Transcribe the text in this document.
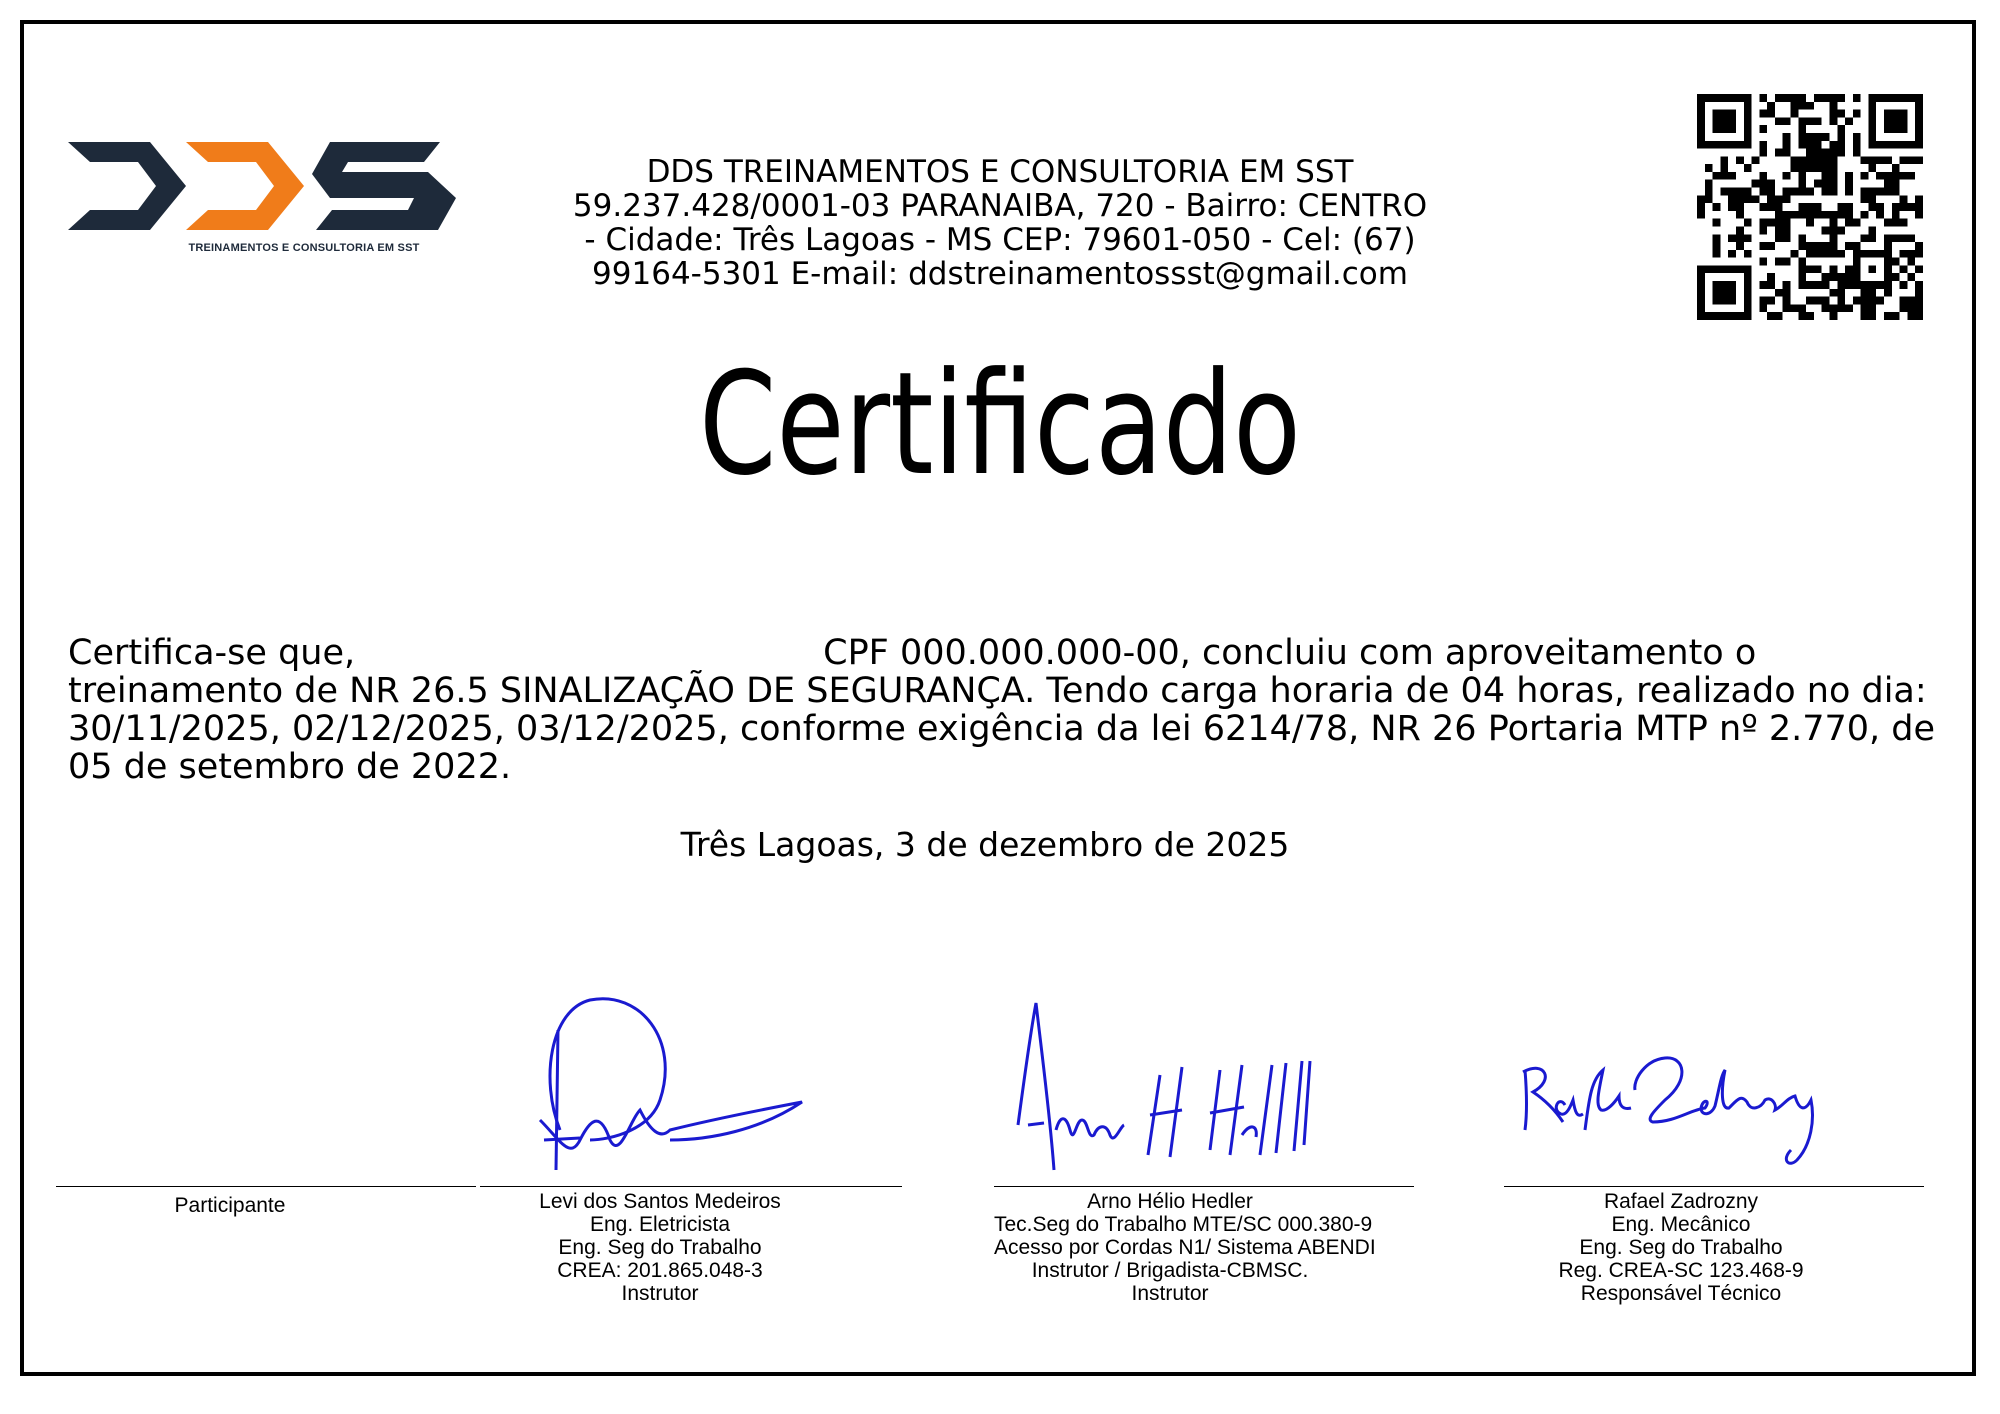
TREINAMENTOS E CONSULTORIA EM SST
DDS TREINAMENTOS E CONSULTORIA EM SST
59.237.428/0001-03 PARANAIBA, 720 - Bairro: CENTRO
- Cidade: Três Lagoas - MS CEP: 79601-050 - Cel: (67)
99164-5301 E-mail: ddstreinamentossst@gmail.com
Certificado
Certifica-se que,	CPF 000.000.000-00, concluiu com aproveitamento o
treinamento de NR 26.5 SINALIZAÇÃO DE SEGURANÇA. Tendo carga horaria de 04 horas, realizado no dia:
30/11/2025, 02/12/2025, 03/12/2025, conforme exigência da lei 6214/78, NR 26 Portaria MTP nº 2.770, de
05 de setembro de 2022.
Três Lagoas, 3 de dezembro de 2025
Participante	Levi dos Santos Medeiros
Eng. Eletricista
Eng. Seg do Trabalho
CREA: 201.865.048-3
Instrutor
Arno Hélio Hedler
Tec.Seg do Trabalho MTE/SC 000.380-9
Acesso por Cordas N1/ Sistema ABENDI
Instrutor / Brigadista-CBMSC.
Instrutor
Rafael Zadrozny
Eng. Mecânico
Eng. Seg do Trabalho
Reg. CREA-SC 123.468-9
Responsável Técnico
